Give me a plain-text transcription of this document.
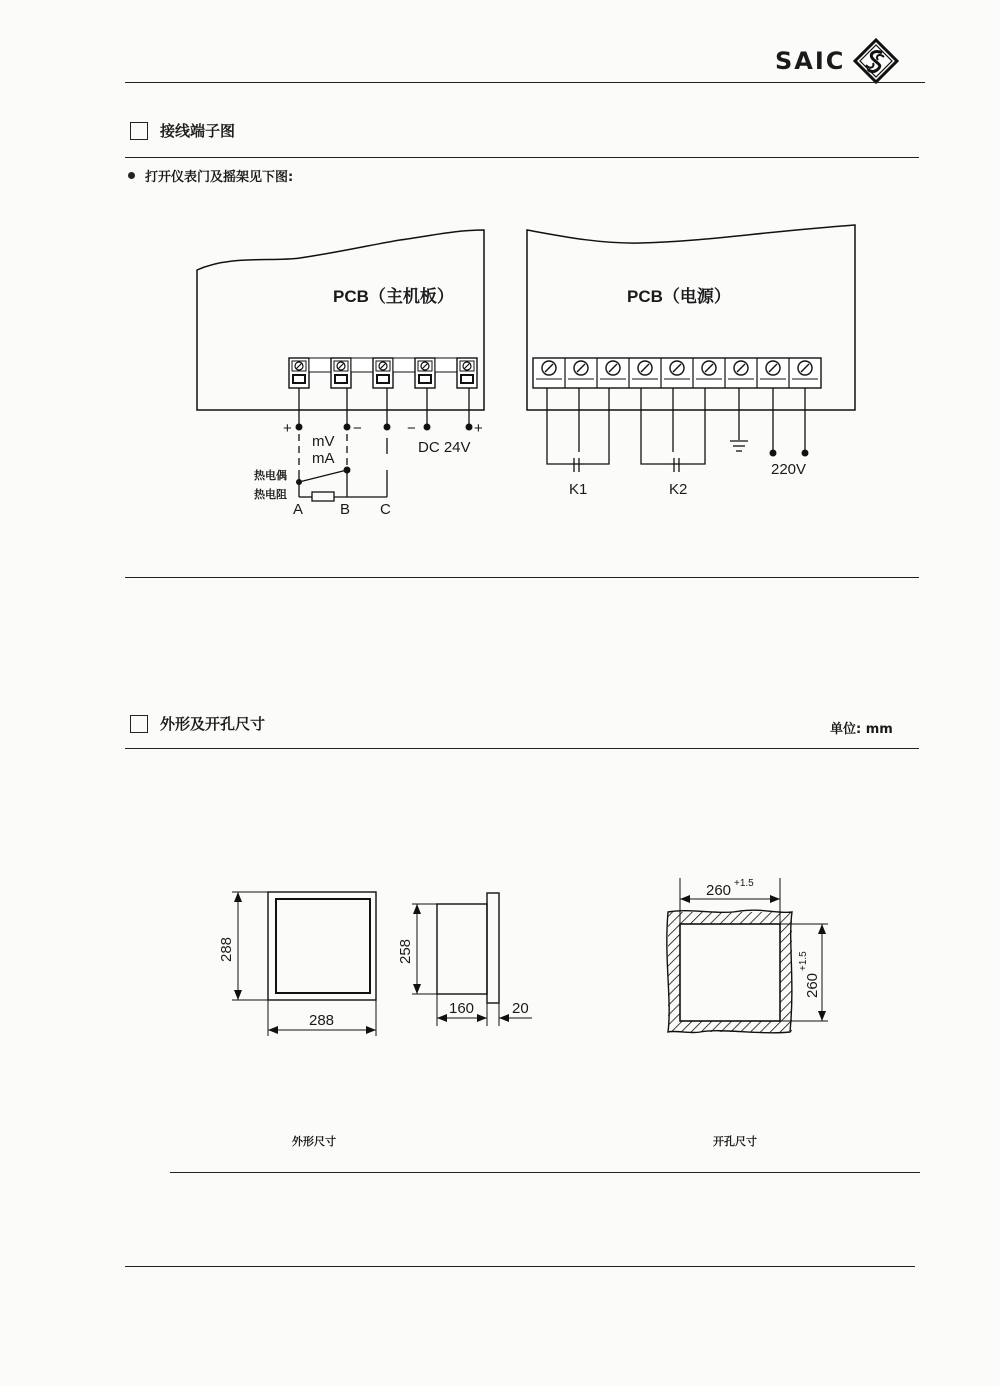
SAIC
接线端子图
打开仪表门及摇架见下图:
PCB（主机板）	PCB（电源）
+	−	−	+
mV
mA
DC 24V
热电偶
热电阻
A B C
K1	K2
220V
外形及开孔尺寸	单位: mm
288
288
258
160	20
260 +1.5
260
+1.5
外形尺寸	开孔尺寸
